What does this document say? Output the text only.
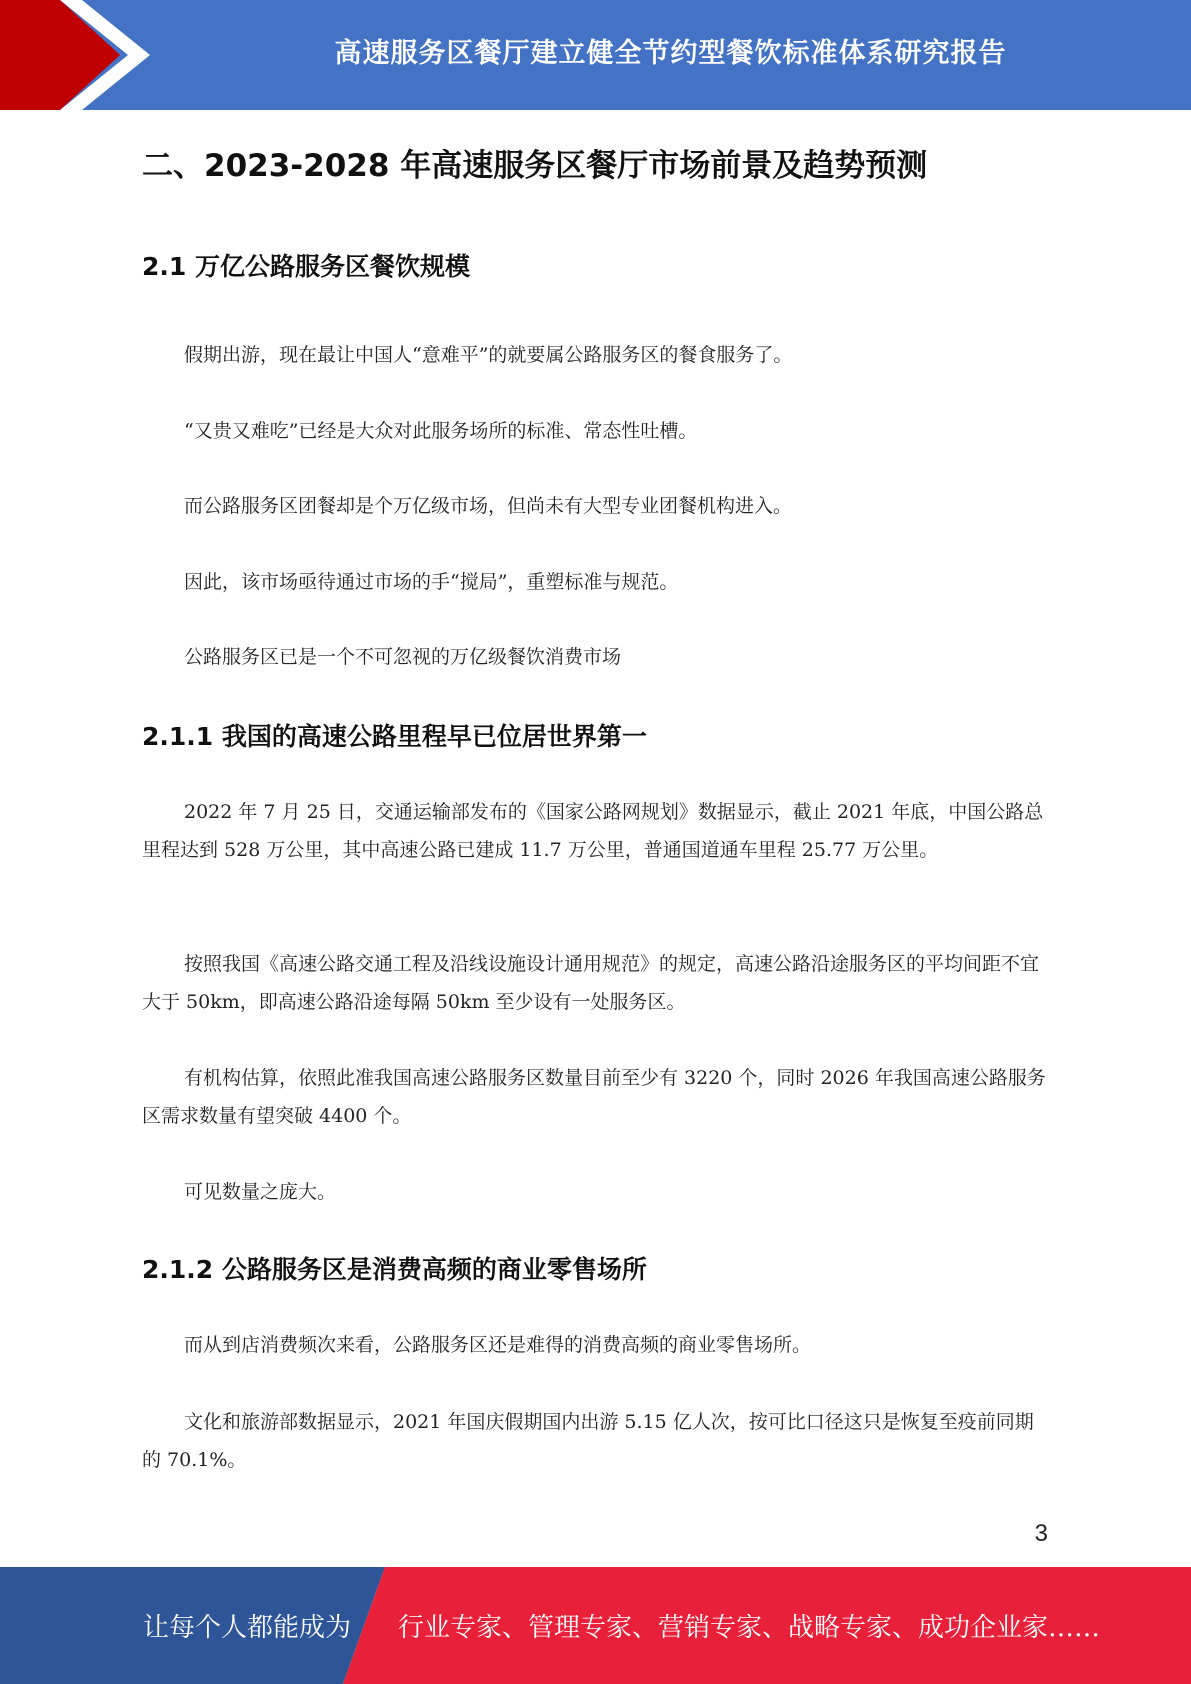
高速服务区餐厅建立健全节约型餐饮标准体系研究报告
二、2023-2028 年高速服务区餐厅市场前景及趋势预测
2.1 万亿公路服务区餐饮规模

假期出游，现在最让中国人“意难平”的就要属公路服务区的餐食服务了。

“又贵又难吃”已经是大众对此服务场所的标准、常态性吐槽。

而公路服务区团餐却是个万亿级市场，但尚未有大型专业团餐机构进入。

因此，该市场亟待通过市场的手“搅局”，重塑标准与规范。

公路服务区已是一个不可忽视的万亿级餐饮消费市场

2.1.1 我国的高速公路里程早已位居世界第一

2022 年 7 月 25 日，交通运输部发布的《国家公路网规划》数据显示，截止 2021 年底，中国公路总里程达到 528 万公里，其中高速公路已建成 11.7 万公里，普通国道通车里程 25.77 万公里。

按照我国《高速公路交通工程及沿线设施设计通用规范》的规定，高速公路沿途服务区的平均间距不宜大于 50km，即高速公路沿途每隔 50km 至少设有一处服务区。

有机构估算，依照此准我国高速公路服务区数量目前至少有 3220 个，同时 2026 年我国高速公路服务区需求数量有望突破 4400 个。

可见数量之庞大。

2.1.2 公路服务区是消费高频的商业零售场所

而从到店消费频次来看，公路服务区还是难得的消费高频的商业零售场所。

文化和旅游部数据显示，2021 年国庆假期国内出游 5.15 亿人次，按可比口径这只是恢复至疫前同期的 70.1%。

3
让每个人都能成为 行业专家、管理专家、营销专家、战略专家、成功企业家……
